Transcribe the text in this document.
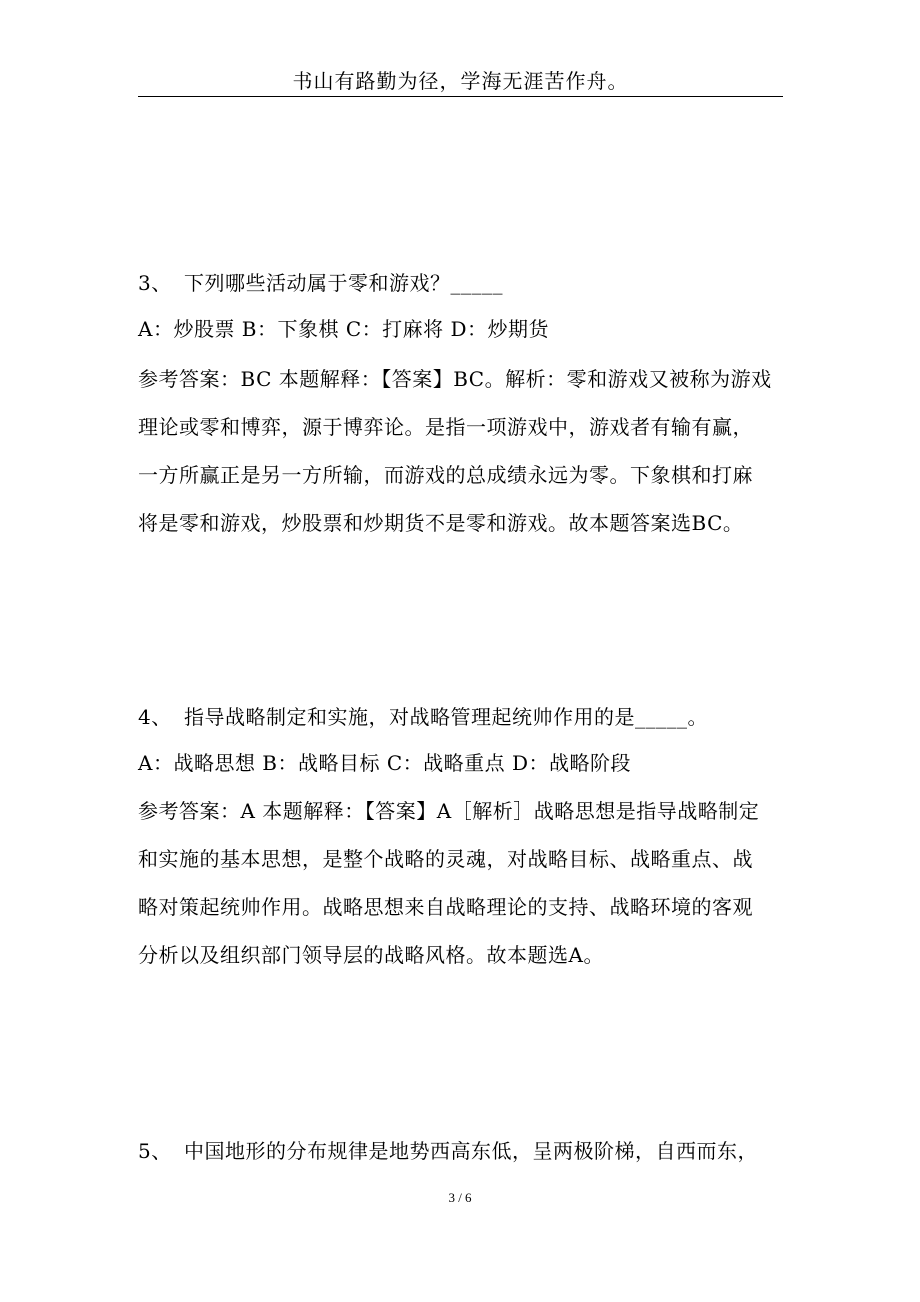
书山有路勤为径，学海无涯苦作舟。
3、 下列哪些活动属于零和游戏？_____
A：炒股票 B：下象棋 C：打麻将 D：炒期货
参考答案：BC 本题解释：【答案】BC。解析：零和游戏又被称为游戏
理论或零和博弈，源于博弈论。是指一项游戏中，游戏者有输有赢，
一方所赢正是另一方所输，而游戏的总成绩永远为零。下象棋和打麻
将是零和游戏，炒股票和炒期货不是零和游戏。故本题答案选BC。
4、 指导战略制定和实施，对战略管理起统帅作用的是_____。
A：战略思想 B：战略目标 C：战略重点 D：战略阶段
参考答案：A 本题解释：【答案】A［解析］战略思想是指导战略制定
和实施的基本思想，是整个战略的灵魂，对战略目标、战略重点、战
略对策起统帅作用。战略思想来自战略理论的支持、战略环境的客观
分析以及组织部门领导层的战略风格。故本题选A。
5、 中国地形的分布规律是地势西高东低，呈两极阶梯，自西而东，
3 / 6
